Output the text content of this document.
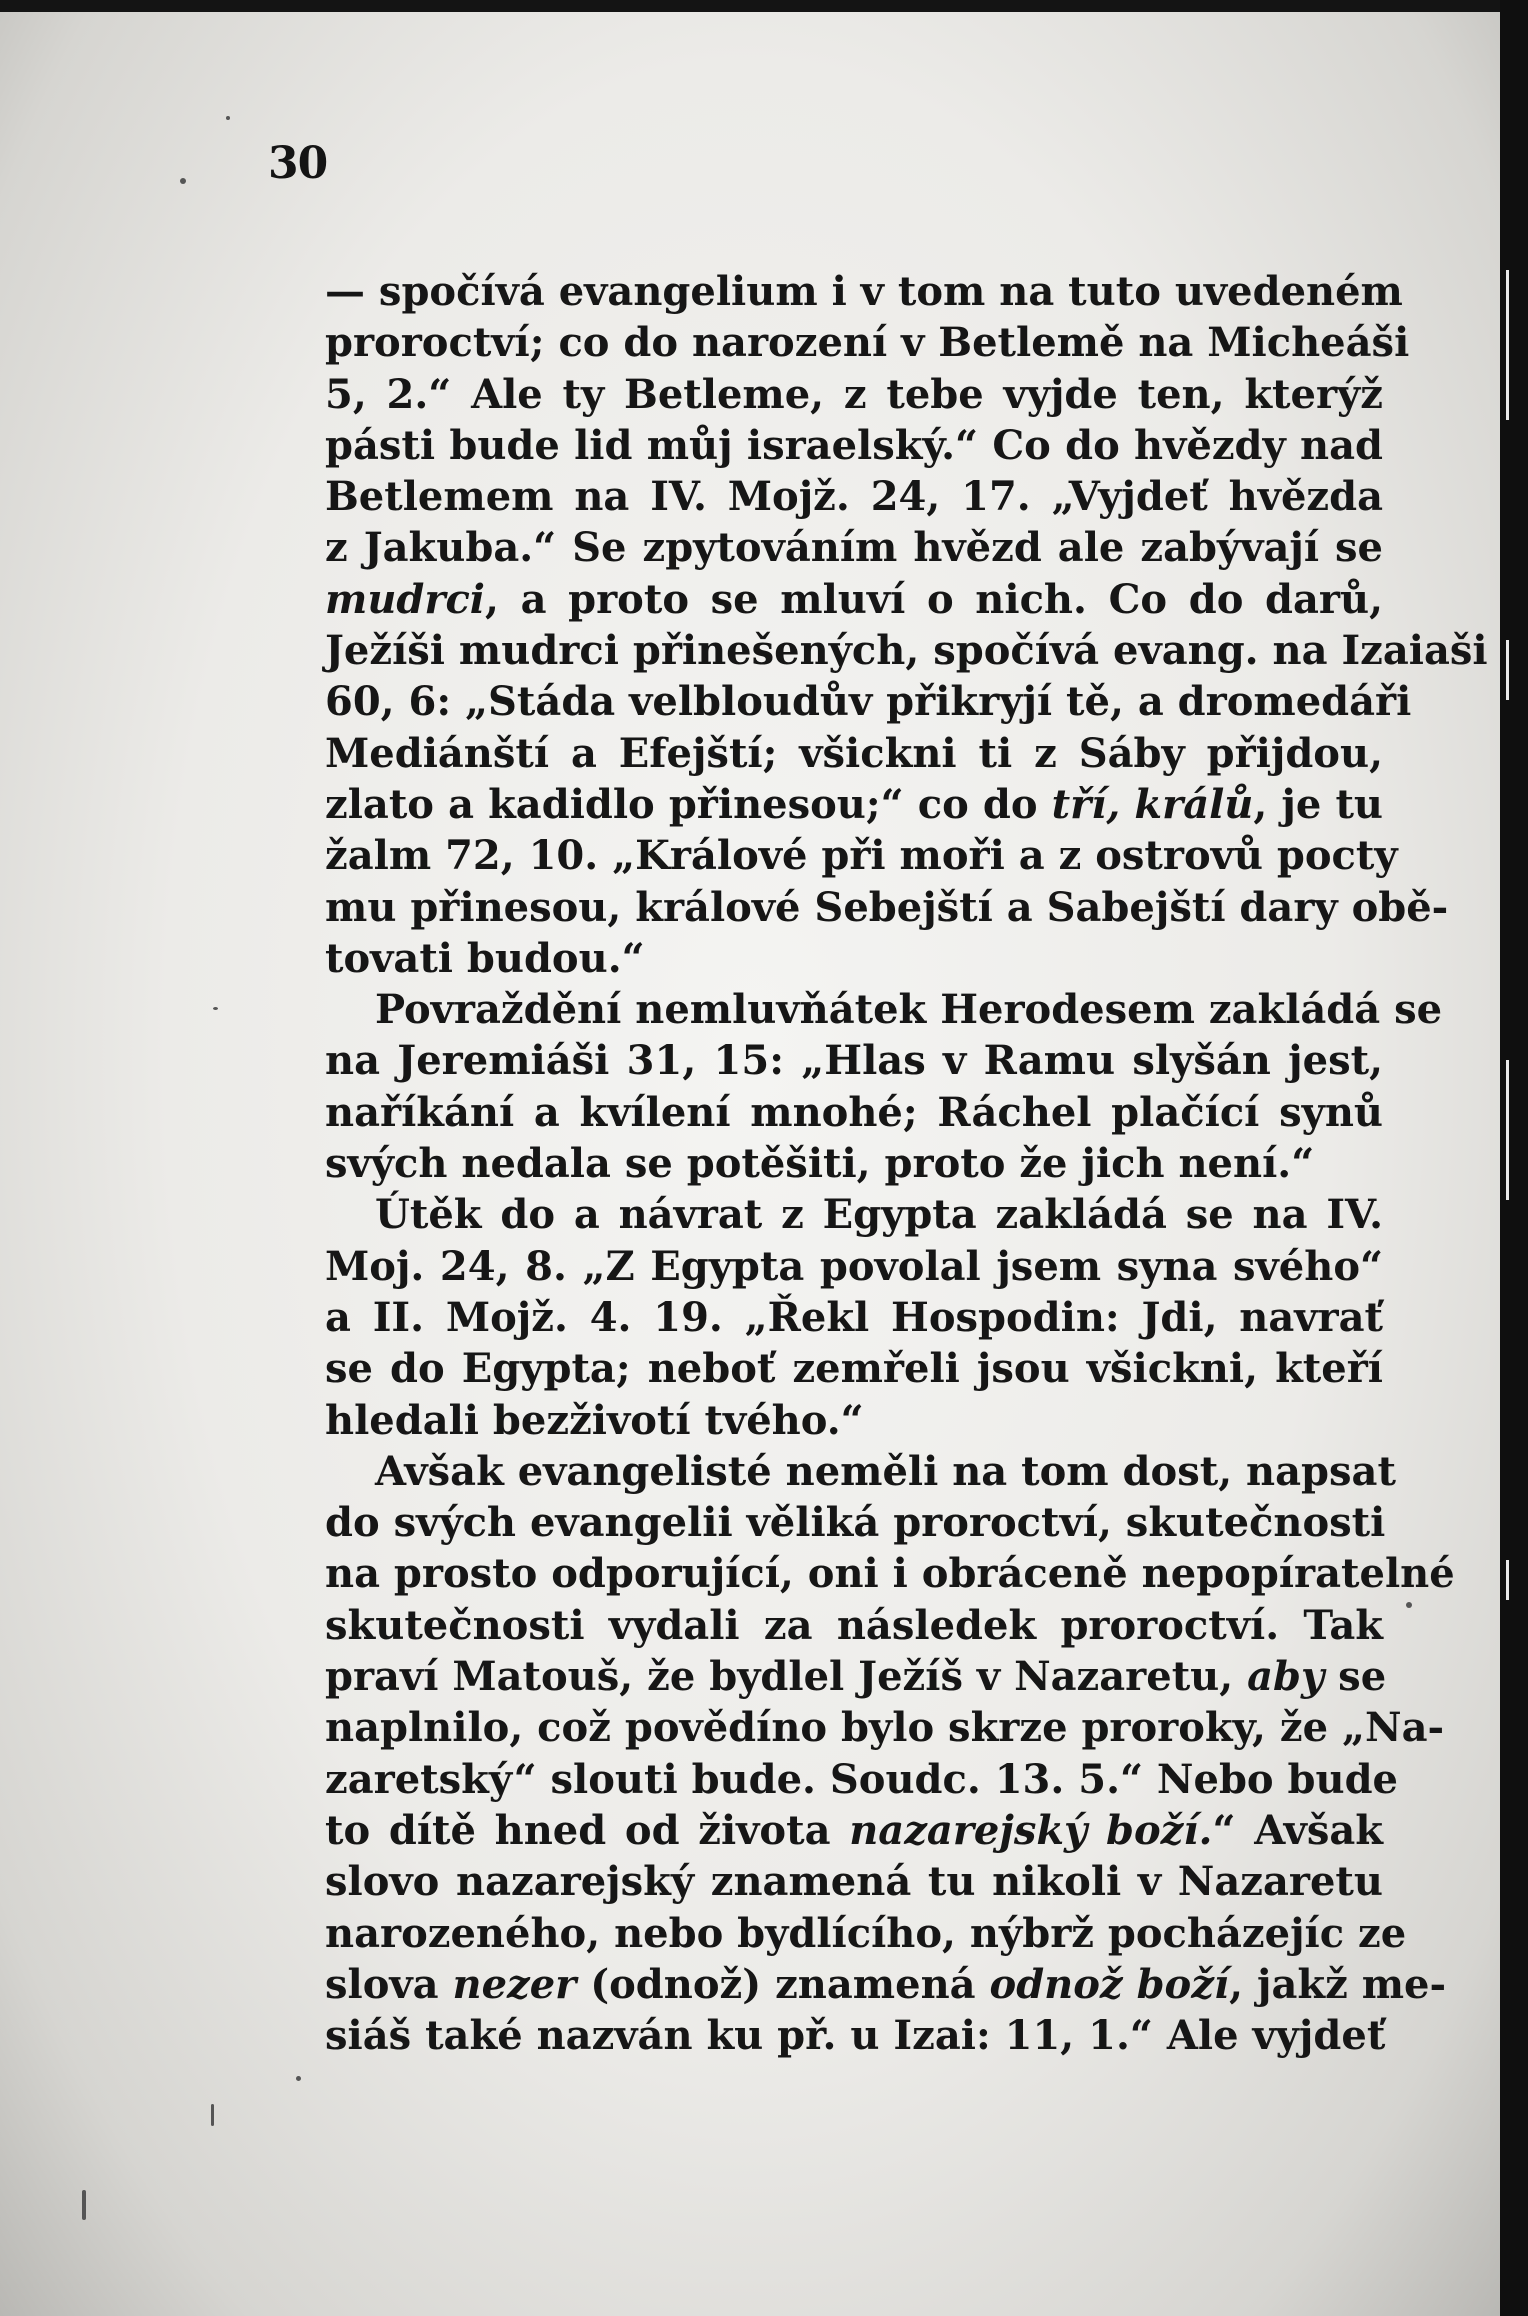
30
— spočívá evangelium i v tom na tuto uvedeném
proroctví; co do narození v Betlemě na Micheáši
5, 2.“ Ale ty Betleme, z tebe vyjde ten, kterýž
pásti bude lid můj israelský.“ Co do hvězdy nad
Betlemem na IV. Mojž. 24, 17. „Vyjdeť hvězda
z Jakuba.“ Se zpytováním hvězd ale zabývají se
mudrci, a proto se mluví o nich. Co do darů,
Ježíši mudrci přinešených, spočívá evang. na Izaiaši
60, 6: „Stáda velbloudův přikryjí tě, a dromedáři
Mediánští a Efejští; všickni ti z Sáby přijdou,
zlato a kadidlo přinesou;“ co do tří, králů, je tu
žalm 72, 10. „Králové při moři a z ostrovů pocty
mu přinesou, králové Sebejští a Sabejští dary obě-
tovati budou.“
Povraždění nemluvňátek Herodesem zakládá se
na Jeremiáši 31, 15: „Hlas v Ramu slyšán jest,
naříkání a kvílení mnohé; Ráchel plačící synů
svých nedala se potěšiti, proto že jich není.“
Útěk do a návrat z Egypta zakládá se na IV.
Moj. 24, 8. „Z Egypta povolal jsem syna svého“
a II. Mojž. 4. 19. „Řekl Hospodin: Jdi, navrať
se do Egypta; neboť zemřeli jsou všickni, kteří
hledali bezživotí tvého.“
Avšak evangelisté neměli na tom dost, napsat
do svých evangelii věliká proroctví, skutečnosti
na prosto odporující, oni i obráceně nepopíratelné
skutečnosti vydali za následek proroctví. Tak
praví Matouš, že bydlel Ježíš v Nazaretu, aby se
naplnilo, což povědíno bylo skrze proroky, že „Na-
zaretský“ slouti bude. Soudc. 13. 5.“ Nebo bude
to dítě hned od života nazarejský boží.“ Avšak
slovo nazarejský znamená tu nikoli v Nazaretu
narozeného, nebo bydlícího, nýbrž pocházejíc ze
slova nezer (odnož) znamená odnož boží, jakž me-
siáš také nazván ku př. u Izai: 11, 1.“ Ale vyjdeť
